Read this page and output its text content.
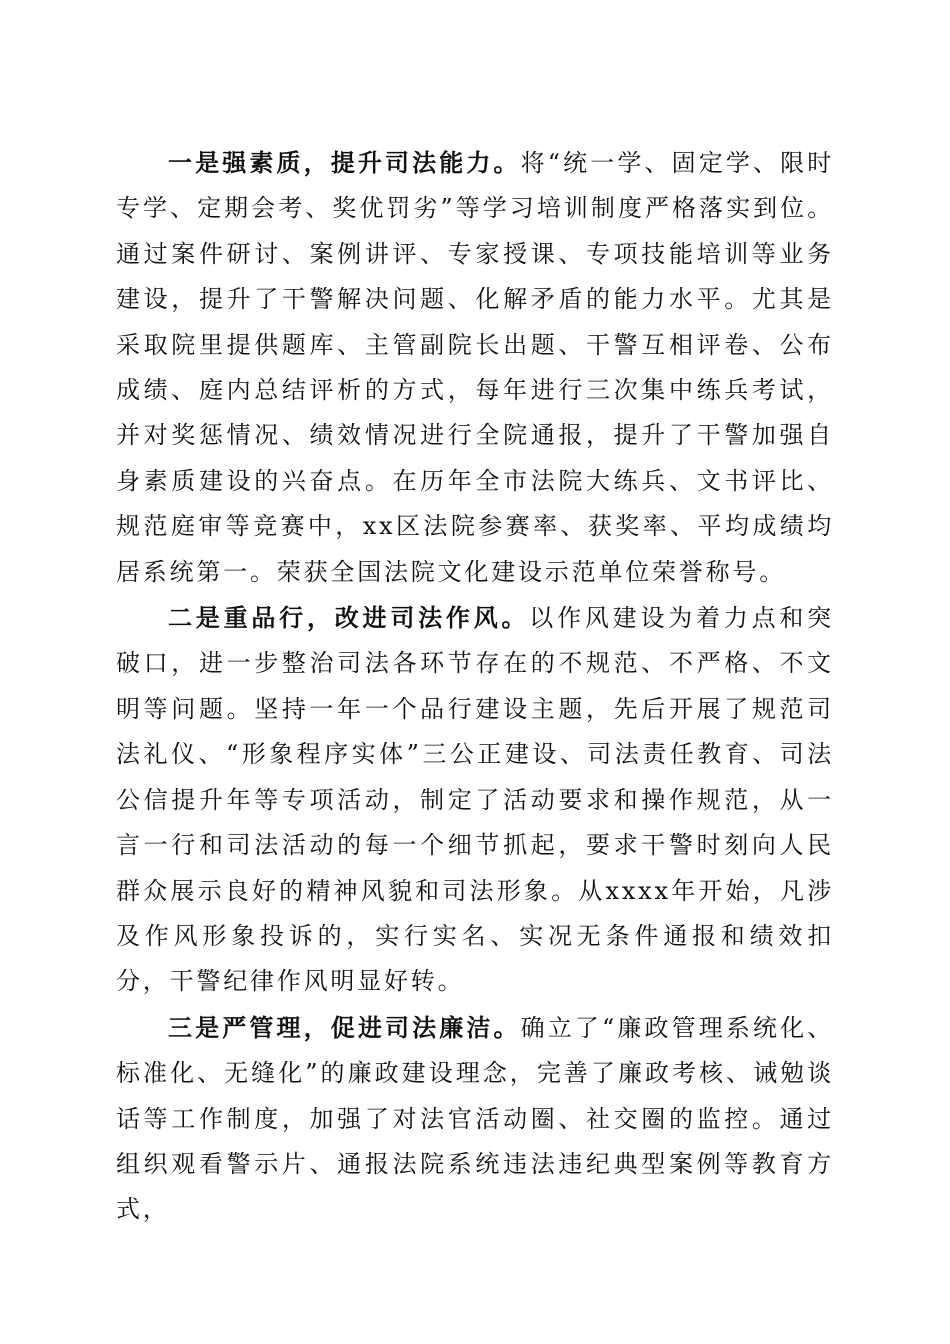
一是强素质，提升司法能力。将“统一学、固定学、限时专学、定期会考、奖优罚劣”等学习培训制度严格落实到位。通过案件研讨、案例讲评、专家授课、专项技能培训等业务建设，提升了干警解决问题、化解矛盾的能力水平。尤其是采取院里提供题库、主管副院长出题、干警互相评卷、公布成绩、庭内总结评析的方式，每年进行三次集中练兵考试，并对奖惩情况、绩效情况进行全院通报，提升了干警加强自身素质建设的兴奋点。在历年全市法院大练兵、文书评比、规范庭审等竞赛中，xx区法院参赛率、获奖率、平均成绩均居系统第一。荣获全国法院文化建设示范单位荣誉称号。

二是重品行，改进司法作风。以作风建设为着力点和突破口，进一步整治司法各环节存在的不规范、不严格、不文明等问题。坚持一年一个品行建设主题，先后开展了规范司法礼仪、“形象程序实体”三公正建设、司法责任教育、司法公信提升年等专项活动，制定了活动要求和操作规范，从一言一行和司法活动的每一个细节抓起，要求干警时刻向人民群众展示良好的精神风貌和司法形象。从xxxx年开始，凡涉及作风形象投诉的，实行实名、实况无条件通报和绩效扣分，干警纪律作风明显好转。

三是严管理，促进司法廉洁。确立了“廉政管理系统化、标准化、无缝化”的廉政建设理念，完善了廉政考核、诫勉谈话等工作制度，加强了对法官活动圈、社交圈的监控。通过组织观看警示片、通报法院系统违法违纪典型案例等教育方式，
